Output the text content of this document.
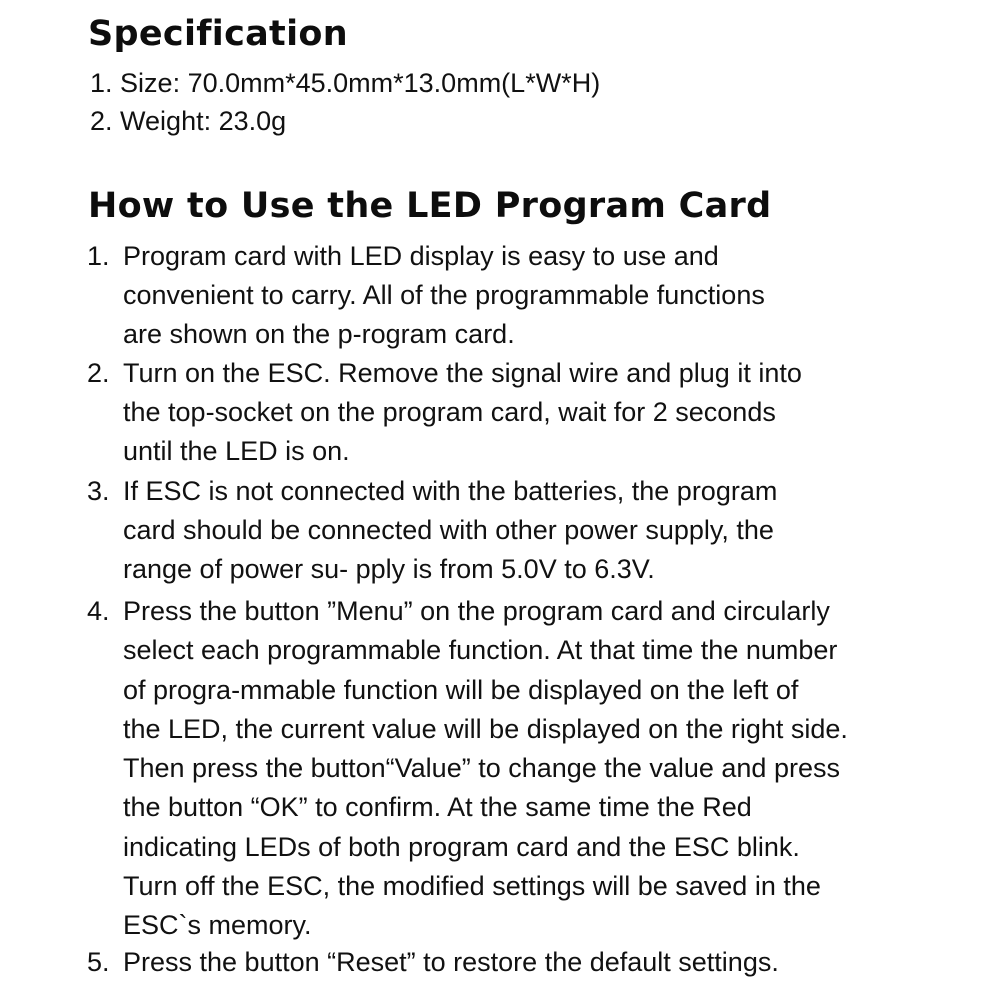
Specification
1. Size: 70.0mm*45.0mm*13.0mm(L*W*H)
2. Weight: 23.0g
How to Use the LED Program Card
1. Program card with LED display is easy to use and
convenient to carry. All of the programmable functions
are shown on the p-rogram card.
2. Turn on the ESC. Remove the signal wire and plug it into
the top-socket on the program card, wait for 2 seconds
until the LED is on.
3. If ESC is not connected with the batteries, the program
card should be connected with other power supply, the
range of power su- pply is from 5.0V to 6.3V.
4. Press the button ”Menu” on the program card and circularly
select each programmable function. At that time the number
of progra-mmable function will be displayed on the left of
the LED, the current value will be displayed on the right side.
Then press the button“Value” to change the value and press
the button “OK” to confirm. At the same time the Red
indicating LEDs of both program card and the ESC blink.
Turn off the ESC, the modified settings will be saved in the
ESC`s memory.
5. Press the button “Reset” to restore the default settings.
